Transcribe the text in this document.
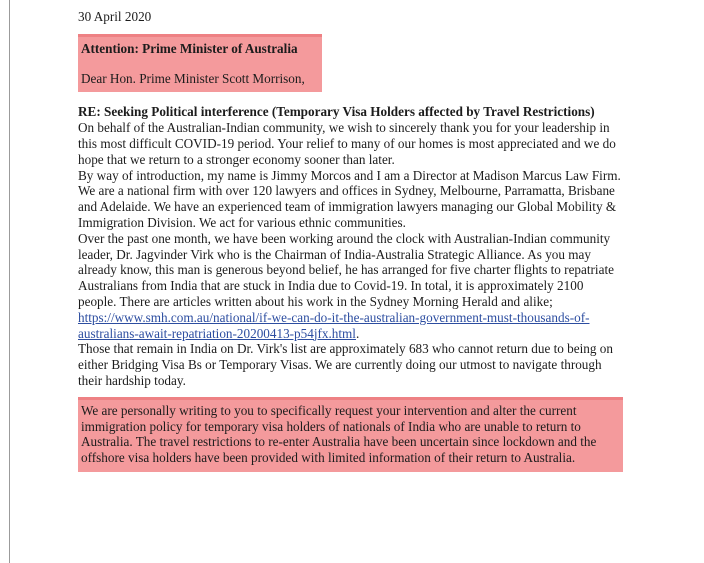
30 April 2020
Attention: Prime Minister of Australia
Dear Hon. Prime Minister Scott Morrison,
RE: Seeking Political interference (Temporary Visa Holders affected by Travel Restrictions)

On behalf of the Australian-Indian community, we wish to sincerely thank you for your leadership in this most difficult COVID-19 period. Your relief to many of our homes is most appreciated and we do hope that we return to a stronger economy sooner than later.

By way of introduction, my name is Jimmy Morcos and I am a Director at Madison Marcus Law Firm. We are a national firm with over 120 lawyers and offices in Sydney, Melbourne, Parramatta, Brisbane and Adelaide. We have an experienced team of immigration lawyers managing our Global Mobility & Immigration Division. We act for various ethnic communities.

Over the past one month, we have been working around the clock with Australian-Indian community leader, Dr. Jagvinder Virk who is the Chairman of India-Australia Strategic Alliance. As you may already know, this man is generous beyond belief, he has arranged for five charter flights to repatriate Australians from India that are stuck in India due to Covid-19. In total, it is approximately 2100 people. There are articles written about his work in the Sydney Morning Herald and alike;

https://www.smh.com.au/national/if-we-can-do-it-the-australian-government-must-thousands-of-australians-await-repatriation-20200413-p54jfx.html.

Those that remain in India on Dr. Virk's list are approximately 683 who cannot return due to being on either Bridging Visa Bs or Temporary Visas. We are currently doing our utmost to navigate through their hardship today.

We are personally writing to you to specifically request your intervention and alter the current immigration policy for temporary visa holders of nationals of India who are unable to return to Australia. The travel restrictions to re-enter Australia have been uncertain since lockdown and the offshore visa holders have been provided with limited information of their return to Australia.
